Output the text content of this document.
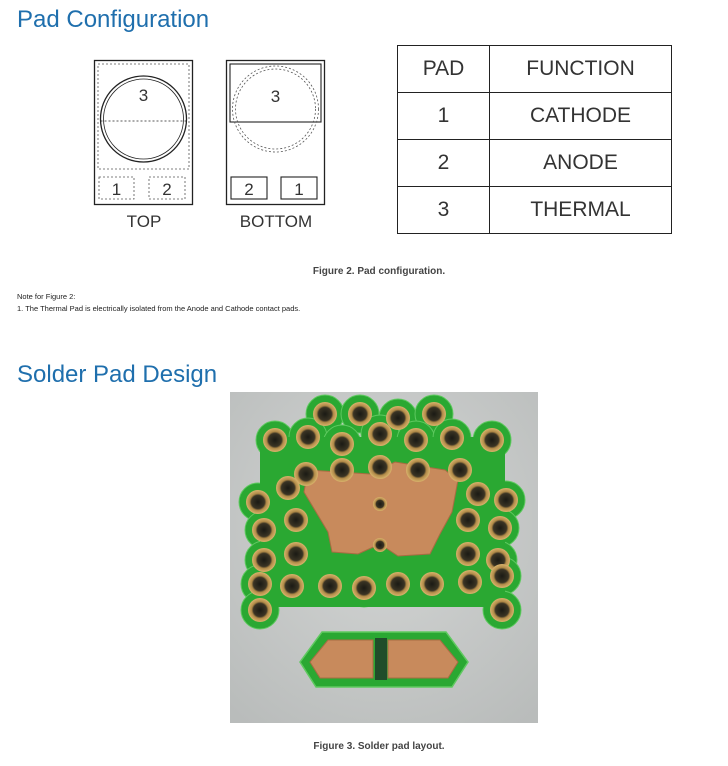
Pad Configuration
3
1 2
TOP
3
2 1
BOTTOM
PAD	FUNCTION
1	CATHODE
2	ANODE
3	THERMAL
Figure 2. Pad configuration.
Note for Figure 2:
1. The Thermal Pad is electrically isolated from the Anode and Cathode contact pads.
Solder Pad Design
Figure 3. Solder pad layout.
